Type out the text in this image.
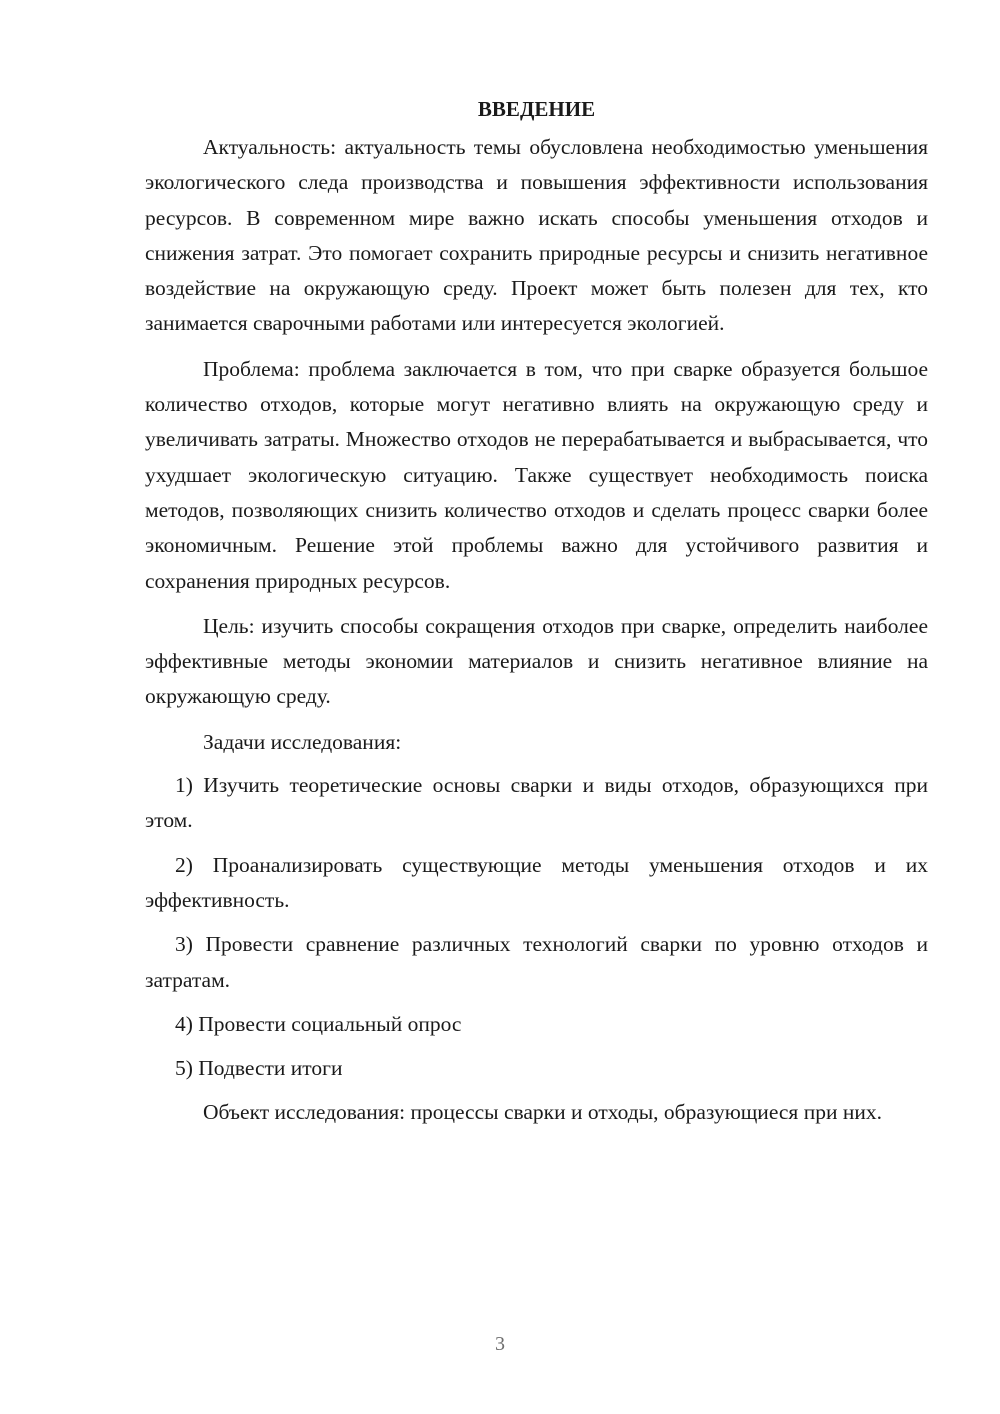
ВВЕДЕНИЕ

Актуальность: актуальность темы обусловлена необходимостью уменьшения экологического следа производства и повышения эффективности использования ресурсов. В современном мире важно искать способы уменьшения отходов и снижения затрат. Это помогает сохранить природные ресурсы и снизить негативное воздействие на окружающую среду. Проект может быть полезен для тех, кто занимается сварочными работами или интересуется экологией.

Проблема: проблема заключается в том, что при сварке образуется большое количество отходов, которые могут негативно влиять на окружающую среду и увеличивать затраты. Множество отходов не перерабатывается и выбрасывается, что ухудшает экологическую ситуацию. Также существует необходимость поиска методов, позволяющих снизить количество отходов и сделать процесс сварки более экономичным. Решение этой проблемы важно для устойчивого развития и сохранения природных ресурсов.

Цель: изучить способы сокращения отходов при сварке, определить наиболее эффективные методы экономии материалов и снизить негативное влияние на окружающую среду.

Задачи исследования:

1) Изучить теоретические основы сварки и виды отходов, образующихся при этом.

2) Проанализировать существующие методы уменьшения отходов и их эффективность.

3) Провести сравнение различных технологий сварки по уровню отходов и затратам.

4) Провести социальный опрос

5) Подвести итоги

Объект исследования: процессы сварки и отходы, образующиеся при них.

3
